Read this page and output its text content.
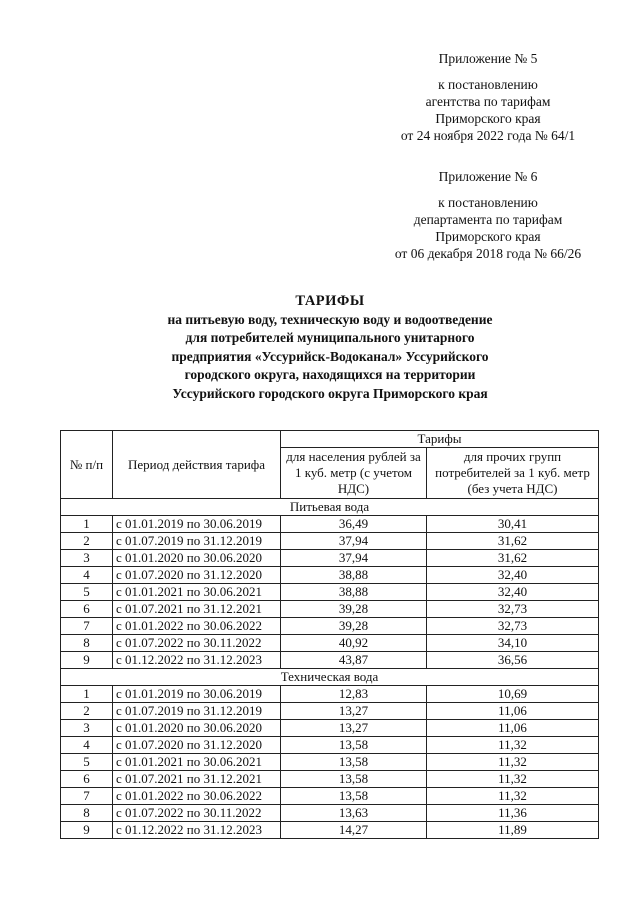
Приложение № 5
к постановлению
агентства по тарифам
Приморского края
от 24 ноября 2022 года № 64/1
Приложение № 6
к постановлению
департамента по тарифам
Приморского края
от 06 декабря 2018 года № 66/26
ТАРИФЫ
на питьевую воду, техническую воду и водоотведение
для потребителей муниципального унитарного
предприятия «Уссурийск-Водоканал» Уссурийского
городского округа, находящихся на территории
Уссурийского городского округа Приморского края
№ п/п	Период действия тарифа	Тарифы	
		для населения рублей за 1 куб. метр (с учетом НДС)	для прочих групп потребителей за 1 куб. метр (без учета НДС)
Питьевая вода			
1	с 01.01.2019 по 30.06.2019	36,49	30,41
2	с 01.07.2019 по 31.12.2019	37,94	31,62
3	с 01.01.2020 по 30.06.2020	37,94	31,62
4	с 01.07.2020 по 31.12.2020	38,88	32,40
5	с 01.01.2021 по 30.06.2021	38,88	32,40
6	с 01.07.2021 по 31.12.2021	39,28	32,73
7	с 01.01.2022 по 30.06.2022	39,28	32,73
8	с 01.07.2022 по 30.11.2022	40,92	34,10
9	с 01.12.2022 по 31.12.2023	43,87	36,56
Техническая вода			
1	с 01.01.2019 по 30.06.2019	12,83	10,69
2	с 01.07.2019 по 31.12.2019	13,27	11,06
3	с 01.01.2020 по 30.06.2020	13,27	11,06
4	с 01.07.2020 по 31.12.2020	13,58	11,32
5	с 01.01.2021 по 30.06.2021	13,58	11,32
6	с 01.07.2021 по 31.12.2021	13,58	11,32
7	с 01.01.2022 по 30.06.2022	13,58	11,32
8	с 01.07.2022 по 30.11.2022	13,63	11,36
9	с 01.12.2022 по 31.12.2023	14,27	11,89
